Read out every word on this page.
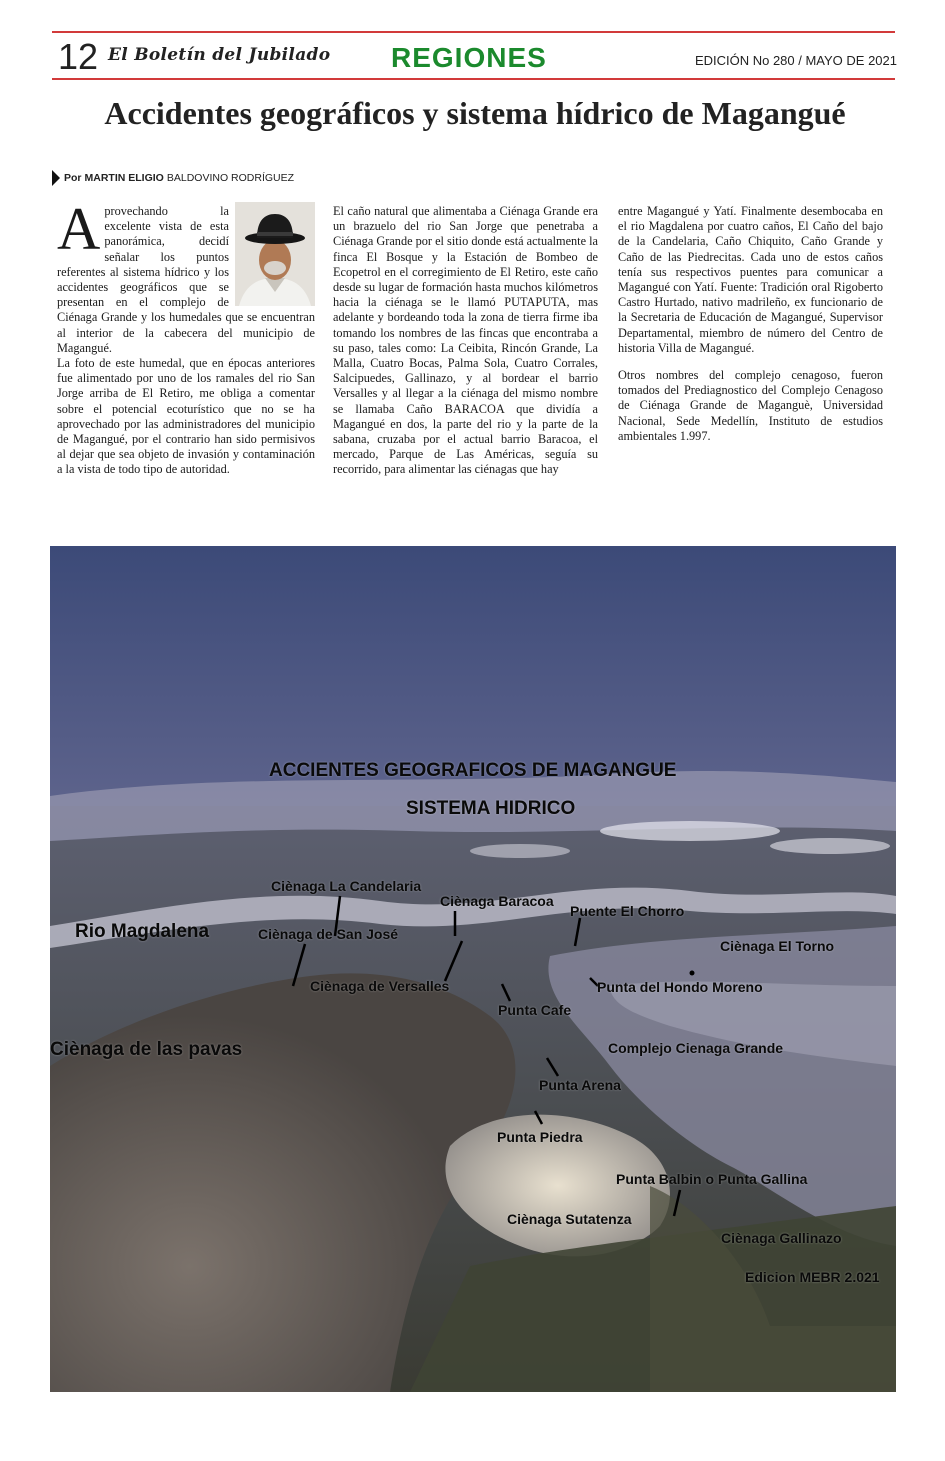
12 El Boletín del Jubilado REGIONES	EDICIÓN No 280 / MAYO DE 2021
Accidentes geográficos y sistema hídrico de Magangué
Por MARTIN ELIGIO BALDOVINO RODRÍGUEZ
A provechando la excelente vista de esta panorámica, decidí señalar los puntos referentes al sistema hídrico y los accidentes geográficos que se presentan en el complejo de Ciénaga Grande y los humedales que se encuentran al interior de la cabecera del municipio de Magangué.

La foto de este humedal, que en épocas anteriores fue alimentado por uno de los ramales del rio San Jorge arriba de El Retiro, me obliga a comentar sobre el potencial ecoturístico que no se ha aprovechado por las administradores del municipio de Magangué, por el contrario han sido permisivos al dejar que sea objeto de invasión y contaminación a la vista de todo tipo de autoridad.

El caño natural que alimentaba a Ciénaga Grande era un brazuelo del rio San Jorge que penetraba a Ciénaga Grande por el sitio donde está actualmente la finca El Bosque y la Estación de Bombeo de Ecopetrol en el corregimiento de El Retiro, este caño desde su lugar de formación hasta muchos kilómetros hacia la ciénaga se le llamó PUTAPUTA, mas adelante y bordeando toda la zona de tierra firme iba tomando los nombres de las fincas que encontraba a su paso, tales como: La Ceibita, Rincón Grande, La Malla, Cuatro Bocas, Palma Sola, Cuatro Corrales, Salcipuedes, Gallinazo, y al bordear el barrio Versalles y al llegar a la ciénaga del mismo nombre se llamaba Caño BARACOA que dividía a Magangué en dos, la parte del rio y la parte de la sabana, cruzaba por el actual barrio Baracoa, el mercado, Parque de Las Américas, seguía su recorrido, para alimentar las ciénagas que hay

entre Magangué y Yatí. Finalmente desembocaba en el rio Magdalena por cuatro caños, El Caño del bajo de la Candelaria, Caño Chiquito, Caño Grande y Caño de las Piedrecitas. Cada uno de estos caños tenía sus respectivos puentes para comunicar a Magangué con Yatí. Fuente: Tradición oral Rigoberto Castro Hurtado, nativo madrileño, ex funcionario de la Secretaria de Educación de Magangué, Supervisor Departamental, miembro de número del Centro de historia Villa de Magangué.

Otros nombres del complejo cenagoso, fueron tomados del Prediagnostico del Complejo Cenagoso de Ciénaga Grande de Maganguè, Universidad Nacional, Sede Medellín, Instituto de estudios ambientales 1.997.

ACCIENTES GEOGRAFICOS DE MAGANGUE
SISTEMA HIDRICO
Ciènaga La Candelaria
Ciènaga Baracoa
Puente El Chorro
Rio Magdalena	Ciènaga de San José
Ciènaga El Torno
Ciènaga de Versalles	Punta del Hondo Moreno
Punta Cafe
Ciènaga de las pavas	Complejo Cienaga Grande
Punta Arena
Punta Piedra
Punta Balbin o Punta Gallina
Ciènaga Sutatenza
Ciènaga Gallinazo
Edicion MEBR 2.021
